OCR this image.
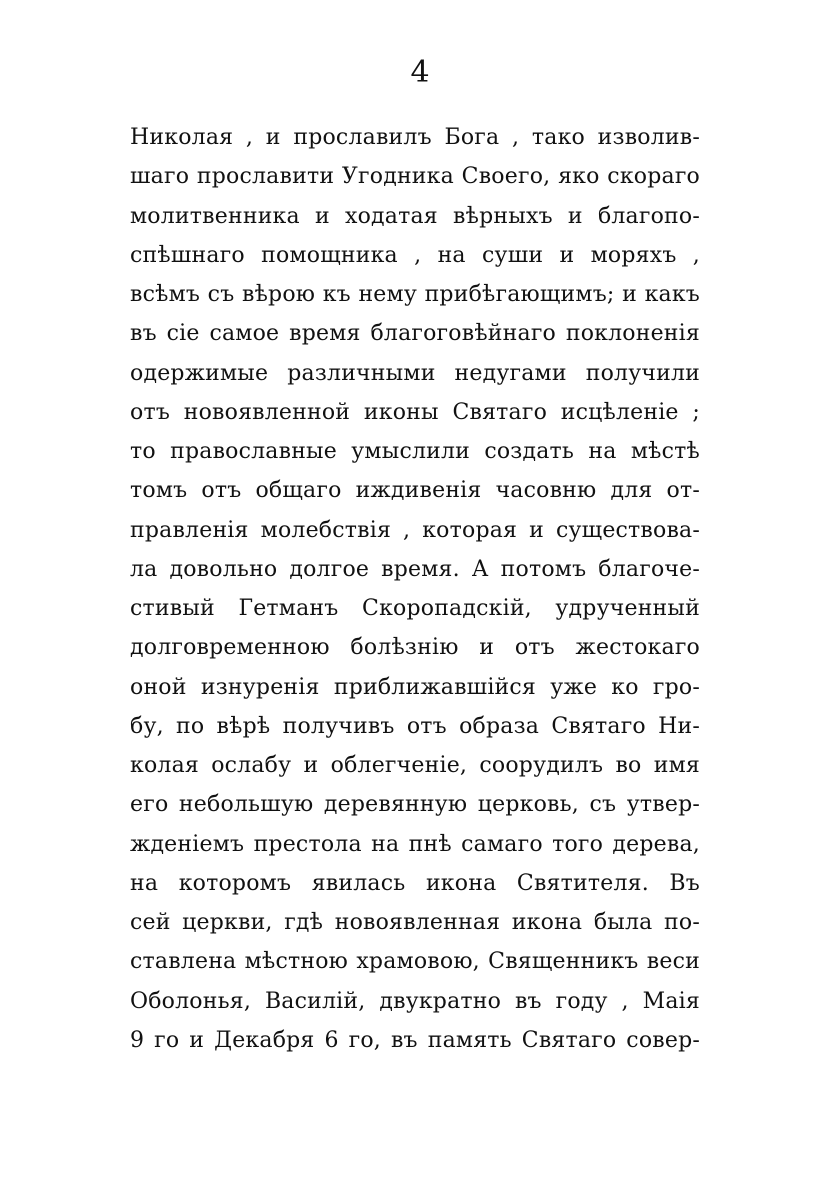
4
Николая , и прославилъ Бога , тако изволив-
шаго прославити Угодника Своего, яко скораго
молитвенника и ходатая вѣрныхъ и благопо-
спѣшнаго помощника , на суши и моряхъ ,
всѣмъ съ вѣрою къ нему прибѣгающимъ; и какъ
въ сіе самое время благоговѣйнаго поклоненія
одержимые различными недугами получили
отъ новоявленной иконы Святаго исцѣленіе ;
то православные умыслили создать на мѣстѣ
томъ отъ общаго иждивенія часовню для от-
правленія молебствія , которая и существова-
ла довольно долгое время. А потомъ благоче-
стивый Гетманъ Скоропадскій, удрученный
долговременною болѣзнію и отъ жестокаго
оной изнуренія приближавшійся уже ко гро-
бу, по вѣрѣ получивъ отъ образа Святаго Ни-
колая ослабу и облегченіе, соорудилъ во имя
его небольшую деревянную церковь, съ утвер-
жденіемъ престола на пнѣ самаго того дерева,
на которомъ явилась икона Святителя. Въ
сей церкви, гдѣ новоявленная икона была по-
ставлена мѣстною храмовою, Священникъ веси
Оболонья, Василій, двукратно въ году , Маія
9 го и Декабря 6 го, въ память Святаго совер-
